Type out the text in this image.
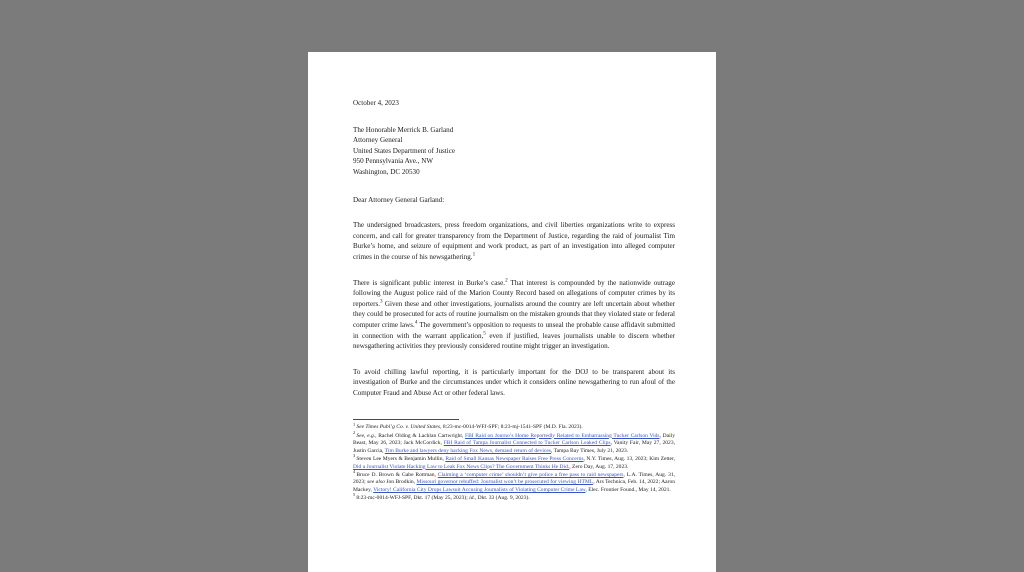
October 4, 2023
The Honorable Merrick B. Garland
Attorney General
United States Department of Justice
950 Pennsylvania Ave., NW
Washington, DC 20530
Dear Attorney General Garland:

The undersigned broadcasters, press freedom organizations, and civil liberties organizations write to express concern, and call for greater transparency from the Department of Justice, regarding the raid of journalist Tim Burke’s home, and seizure of equipment and work product, as part of an investigation into alleged computer crimes in the course of his newsgathering.$^1$

There is significant public interest in Burke’s case.$^2$ That interest is compounded by the nationwide outrage following the August police raid of the Marion County Record based on allegations of computer crimes by its reporters.$^3$ Given these and other investigations, journalists around the country are left uncertain about whether they could be prosecuted for acts of routine journalism on the mistaken grounds that they violated state or federal computer crime laws.$^4$ The government’s opposition to requests to unseal the probable cause affidavit submitted in connection with the warrant application,$^5$ even if justified, leaves journalists unable to discern whether newsgathering activities they previously considered routine might trigger an investigation.

To avoid chilling lawful reporting, it is particularly important for the DOJ to be transparent about its investigation of Burke and the circumstances under which it considers online newsgathering to run afoul of the Computer Fraud and Abuse Act or other federal laws.

$^1$See Times Publ’g Co. v. United States, 8:23-mc-0014-WFJ-SPF; 8:23-mj-1541-SPF (M.D. Fla. 2023).

$^2$See, e.g., Rachel Olding & Lachlan Cartwright, FBI Raid on Journo’s Home Reportedly Related to Embarrassing Tucker Carlson Vids, Daily Beast, May 26, 2023; Jack McCordick, FBI Raid of Tampa Journalist Connected to Tucker Carlson Leaked Clips, Vanity Fair, May 27, 2023, Justin Garcia, Tim Burke and lawyers deny hacking Fox News, demand return of devices, Tampa Bay Times, July 21, 2023.

$^3$Steven Lee Myers & Benjamin Mullin, Raid of Small Kansas Newspaper Raises Free Press Concerns, N.Y. Times, Aug. 13, 2023; Kim Zetter, Did a Journalist Violate Hacking Law to Leak Fox News Clips? The Government Thinks He Did., Zero Day, Aug. 17, 2023.

$^4$Bruce D. Brown & Gabe Rottman, Claiming a ‘computer crime’ shouldn’t give police a free pass to raid newspapers, L.A. Times, Aug. 31, 2023; see also Jon Brodkin, Missouri governor rebuffed: Journalist won’t be prosecuted for viewing HTML, Ars Technica, Feb. 14, 2022; Aaron Mackey, Victory! California City Drops Lawsuit Accusing Journalists of Violating Computer Crime Law, Elec. Frontier Found., May 14, 2021.

$^5$8:23-mc-0014-WFJ-SPF, Dkt. 17 (May 25, 2023); id., Dkt. 33 (Aug. 9, 2023).
